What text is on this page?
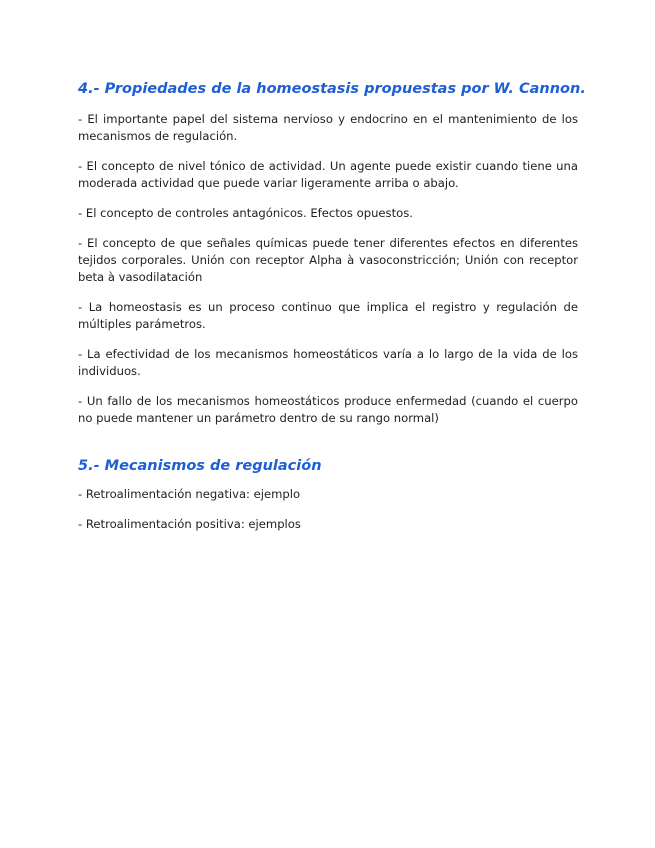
4.- Propiedades de la homeostasis propuestas por W. Cannon.

- El importante papel del sistema nervioso y endocrino en el mantenimiento de los mecanismos de regulación.

- El concepto de nivel tónico de actividad. Un agente puede existir cuando tiene una moderada actividad que puede variar ligeramente arriba o abajo.

- El concepto de controles antagónicos. Efectos opuestos.

- El concepto de que señales químicas puede tener diferentes efectos en diferentes tejidos corporales. Unión con receptor Alpha à vasoconstricción; Unión con receptor beta à vasodilatación

- La homeostasis es un proceso continuo que implica el registro y regulación de múltiples parámetros.

- La efectividad de los mecanismos homeostáticos varía a lo largo de la vida de los individuos.

- Un fallo de los mecanismos homeostáticos produce enfermedad (cuando el cuerpo no puede mantener un parámetro dentro de su rango normal)

5.- Mecanismos de regulación

- Retroalimentación negativa: ejemplo

- Retroalimentación positiva: ejemplos
